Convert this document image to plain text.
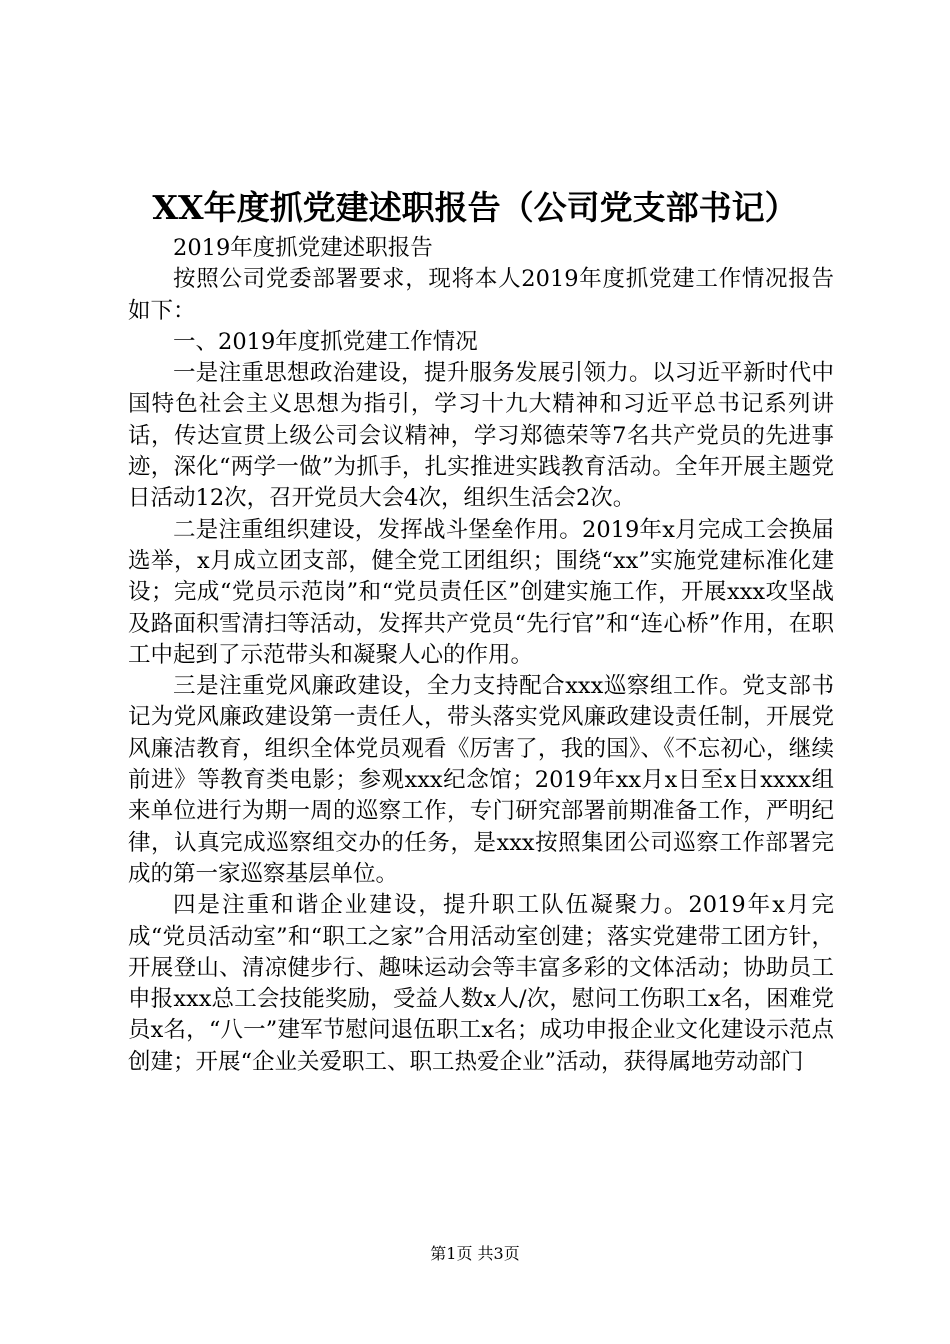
XX年度抓党建述职报告（公司党支部书记）

2019年度抓党建述职报告

按照公司党委部署要求，现将本人2019年度抓党建工作情况报告如下：

一、2019年度抓党建工作情况

一是注重思想政治建设，提升服务发展引领力。以习近平新时代中国特色社会主义思想为指引，学习十九大精神和习近平总书记系列讲话，传达宣贯上级公司会议精神，学习郑德荣等7名共产党员的先进事迹，深化“两学一做”为抓手，扎实推进实践教育活动。全年开展主题党日活动12次，召开党员大会4次，组织生活会2次。

二是注重组织建设，发挥战斗堡垒作用。2019年x月完成工会换届选举，x月成立团支部，健全党工团组织；围绕“xx”实施党建标准化建设；完成“党员示范岗”和“党员责任区”创建实施工作，开展xxx攻坚战及路面积雪清扫等活动，发挥共产党员“先行官”和“连心桥”作用，在职工中起到了示范带头和凝聚人心的作用。

三是注重党风廉政建设，全力支持配合xxx巡察组工作。党支部书记为党风廉政建设第一责任人，带头落实党风廉政建设责任制，开展党风廉洁教育，组织全体党员观看《厉害了，我的国》、《不忘初心，继续前进》等教育类电影；参观xxx纪念馆；2019年xx月x日至x日xxxx组来单位进行为期一周的巡察工作，专门研究部署前期准备工作，严明纪律，认真完成巡察组交办的任务，是xxx按照集团公司巡察工作部署完成的第一家巡察基层单位。

四是注重和谐企业建设，提升职工队伍凝聚力。2019年x月完成“党员活动室”和“职工之家”合用活动室创建；落实党建带工团方针，开展登山、清凉健步行、趣味运动会等丰富多彩的文体活动；协助员工申报xxx总工会技能奖励，受益人数x人/次，慰问工伤职工x名，困难党员x名，“八一”建军节慰问退伍职工x名；成功申报企业文化建设示范点创建；开展“企业关爱职工、职工热爱企业”活动，获得属地劳动部门

第1页 共3页
